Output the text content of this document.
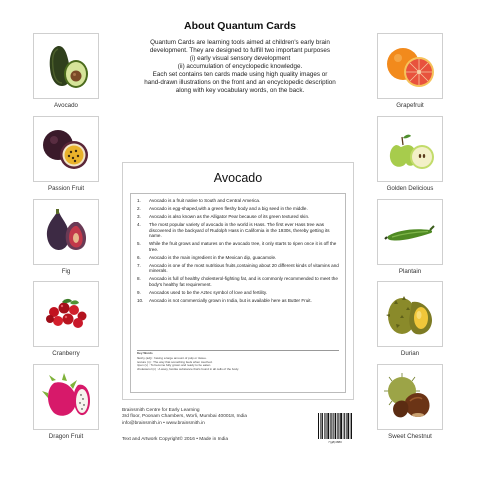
Avocado
Passion Fruit
Fig
Cranberry
Dragon Fruit
Grapefruit
Golden Delicious
Plantain
Durian
Sweet Chestnut
About Quantum Cards
Quantum Cards are learning tools aimed at children's early brain
development. They are designed to fulfill two important purposes
(i) early visual sensory development
(ii) accumulation of encyclopedic knowledge.
Each set contains ten cards made using high quality images or
hand-drawn illustrations on the front and an encyclopedic description
along with key vocabulary words, on the back.
Avocado
1.	Avocado is a fruit native to South and Central America.
2.	Avocado is egg-shaped,with a green fleshy body and a big seed in the middle.
3.	Avocado is also known as the Alligator Pear because of its green textured skin.
4.	The most popular variety of avocado in the world is Hass. The first ever Hass tree was discovered in the backyard of Rudolph Hass in California in the 1930s, thereby getting its name.
5.	While the fruit grows and matures on the avocado tree, it only starts to ripen once it is off the tree.
6.	Avocado is the main ingredient in the Mexican dip, guacamole.
7.	Avocado is one of the most nutritious fruits,containing about 20 different kinds of vitamins and minerals.
8.	Avocado is full of healthy cholesterol-fighting fat, and is commonly recommended to meet the body's healthy fat requirement.
9.	Avocados used to be the Aztec symbol of love and fertility.
10.	Avocado is not commercially grown in India, but is available here as Butter Fruit.
Key Words
fleshy (adj) : having a large amount of pulp or tissue.
texture (n) : The way that something feels when touched.
ripen (v) : To become fully grown and ready to be eaten.
cholesterol (n) : A waxy, fat-like substance that's found in all cells of the body.
Brainsmith Centre for Early Learning
3rd floor, Poonam Chambers, Worli, Mumbai 400018, India
info@brainsmith.in • www.brainsmith.in
Text and Artwork Copyright© 2016 • Made in India	7(g8)4880
